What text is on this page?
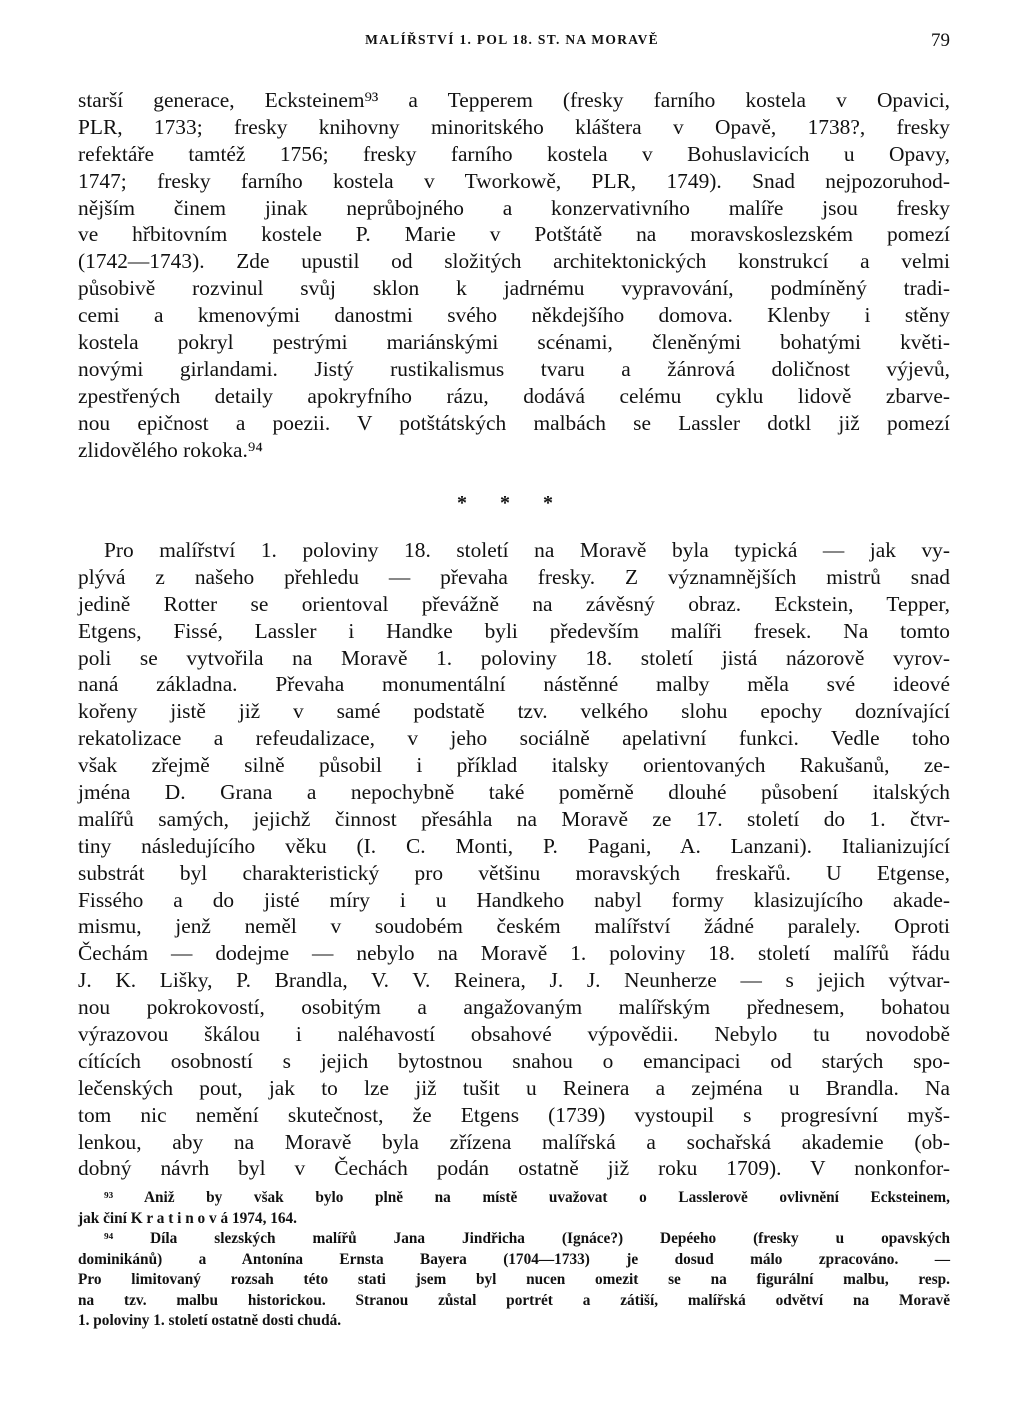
MALÍŘSTVÍ 1. POL 18. ST. NA MORAVĚ	79
starší generace, Ecksteinem⁹³ a Tepperem (fresky farního kostela v Opavici,
PLR, 1733; fresky knihovny minoritského kláštera v Opavě, 1738?, fresky
refektáře tamtéž 1756; fresky farního kostela v Bohuslavicích u Opavy,
1747; fresky farního kostela v Tworkowě, PLR, 1749). Snad nejpozoruhod-
nějším činem jinak neprůbojného a konzervativního malíře jsou fresky
ve hřbitovním kostele P. Marie v Potštátě na moravskoslezském pomezí
(1742—1743). Zde upustil od složitých architektonických konstrukcí a velmi
působivě rozvinul svůj sklon k jadrnému vypravování, podmíněný tradi-
cemi a kmenovými danostmi svého někdejšího domova. Klenby i stěny
kostela pokryl pestrými mariánskými scénami, členěnými bohatými květi-
novými girlandami. Jistý rustikalismus tvaru a žánrová doličnost výjevů,
zpestřených detaily apokryfního rázu, dodává celému cyklu lidově zbarve-
nou epičnost a poezii. V potštátských malbách se Lassler dotkl již pomezí
zlidovělého rokoka.⁹⁴
* * *
Pro malířství 1. poloviny 18. století na Moravě byla typická — jak vy-
plývá z našeho přehledu — převaha fresky. Z významnějších mistrů snad
jedině Rotter se orientoval převážně na závěsný obraz. Eckstein, Tepper,
Etgens, Fissé, Lassler i Handke byli především malíři fresek. Na tomto
poli se vytvořila na Moravě 1. poloviny 18. století jistá názorově vyrov-
naná základna. Převaha monumentální nástěnné malby měla své ideové
kořeny jistě již v samé podstatě tzv. velkého slohu epochy doznívající
rekatolizace a refeudalizace, v jeho sociálně apelativní funkci. Vedle toho
však zřejmě silně působil i příklad italsky orientovaných Rakušanů, ze-
jména D. Grana a nepochybně také poměrně dlouhé působení italských
malířů samých, jejichž činnost přesáhla na Moravě ze 17. století do 1. čtvr-
tiny následujícího věku (I. C. Monti, P. Pagani, A. Lanzani). Italianizující
substrát byl charakteristický pro většinu moravských freskařů. U Etgense,
Fisséһo a do jisté míry i u Handkeho nabyl formy klasizujícího akade-
mismu, jenž neměl v soudobém českém malířství žádné paralely. Oproti
Čechám — dodejme — nebylo na Moravě 1. poloviny 18. století malířů řádu
J. K. Lišky, P. Brandla, V. V. Reinera, J. J. Neunherze — s jejich výtvar-
nou pokrokovostí, osobitým a angažovaným malířským přednesem, bohatou
výrazovou škálou i naléhavostí obsahové výpovědii. Nebylo tu novodobě
cítících osobností s jejich bytostnou snahou o emancipaci od starých spo-
lečenských pout, jak to lze již tušit u Reinera a zejména u Brandla. Na
tom nic nemění skutečnost, že Etgens (1739) vystoupil s progresívní myš-
lenkou, aby na Moravě byla zřízena malířská a sochařská akademie (ob-
dobný návrh byl v Čechách podán ostatně již roku 1709). V nonkonfor-
⁹³ Aniž by však bylo plně na místě uvažovat o Lasslerově ovlivnění Ecksteinem,
jak činí K r a t i n o v á 1974, 164.
⁹⁴ Díla slezských malířů Jana Jindřicha (Ignáce?) Depéeho (fresky u opavských
dominikánů) a Antonína Ernsta Bayera (1704—1733) je dosud málo zpracováno. —
Pro limitovaný rozsah této stati jsem byl nucen omezit se na figurální malbu, resp.
na tzv. malbu historickou. Stranou zůstal portrét a zátiší, malířská odvětví na Moravě
1. poloviny 1. století ostatně dosti chudá.
